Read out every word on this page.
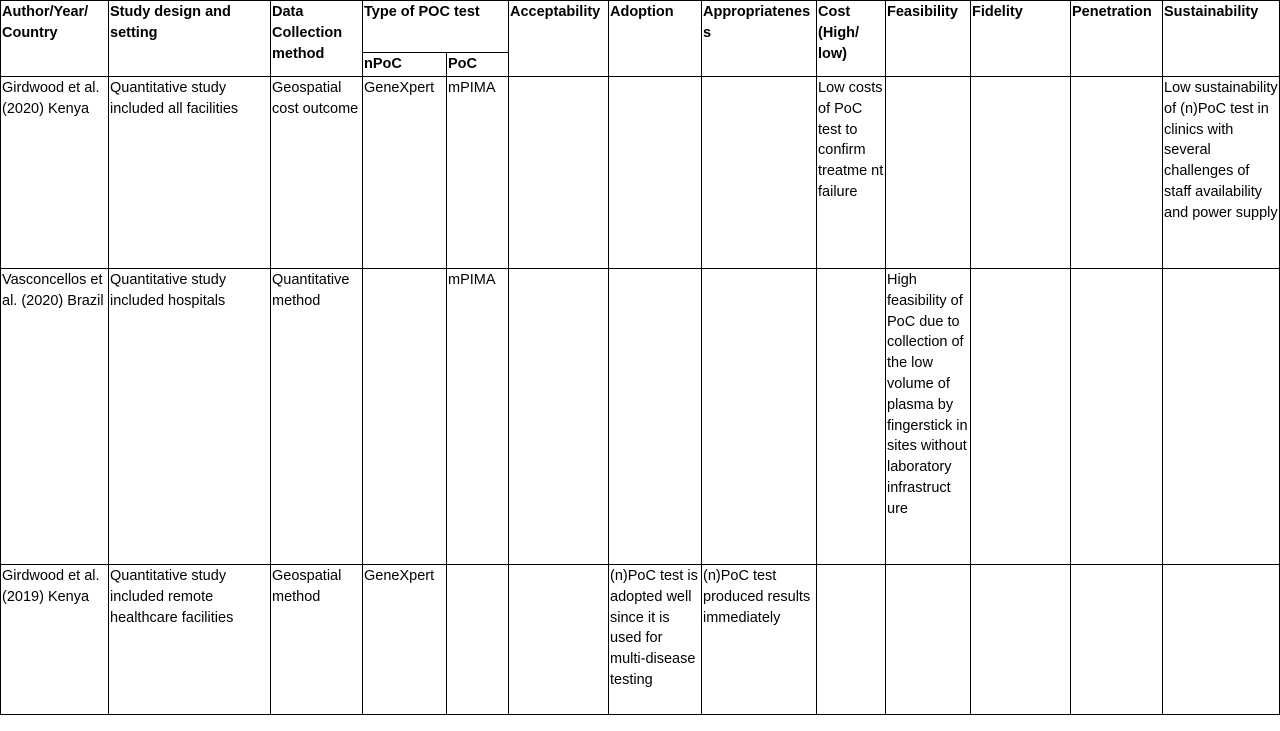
Author/Year/ Country	Study design and setting	Data Collection method	Type of POC test		Acceptability	Adoption	Appropriatenes s	Cost (High/ low)	Feasibility	Fidelity	Penetration	Sustainability
			nPoC	PoC								
Girdwood et al. (2020) Kenya	Quantitative study included all facilities	Geospatial cost outcome	GeneXpert	mPIMA				Low costs of PoC test to confirm treatme nt failure				Low sustainability of (n)PoC test in clinics with several challenges of staff availability and power supply
Vasconcellos et al. (2020) Brazil	Quantitative study included hospitals	Quantitative method		mPIMA					High feasibility of PoC due to collection of the low volume of plasma by fingerstick in sites without laboratory infrastruct ure			
Girdwood et al. (2019) Kenya	Quantitative study included remote healthcare facilities	Geospatial method	GeneXpert			(n)PoC test is adopted well since it is used for multi-disease testing	(n)PoC test produced results immediately					
